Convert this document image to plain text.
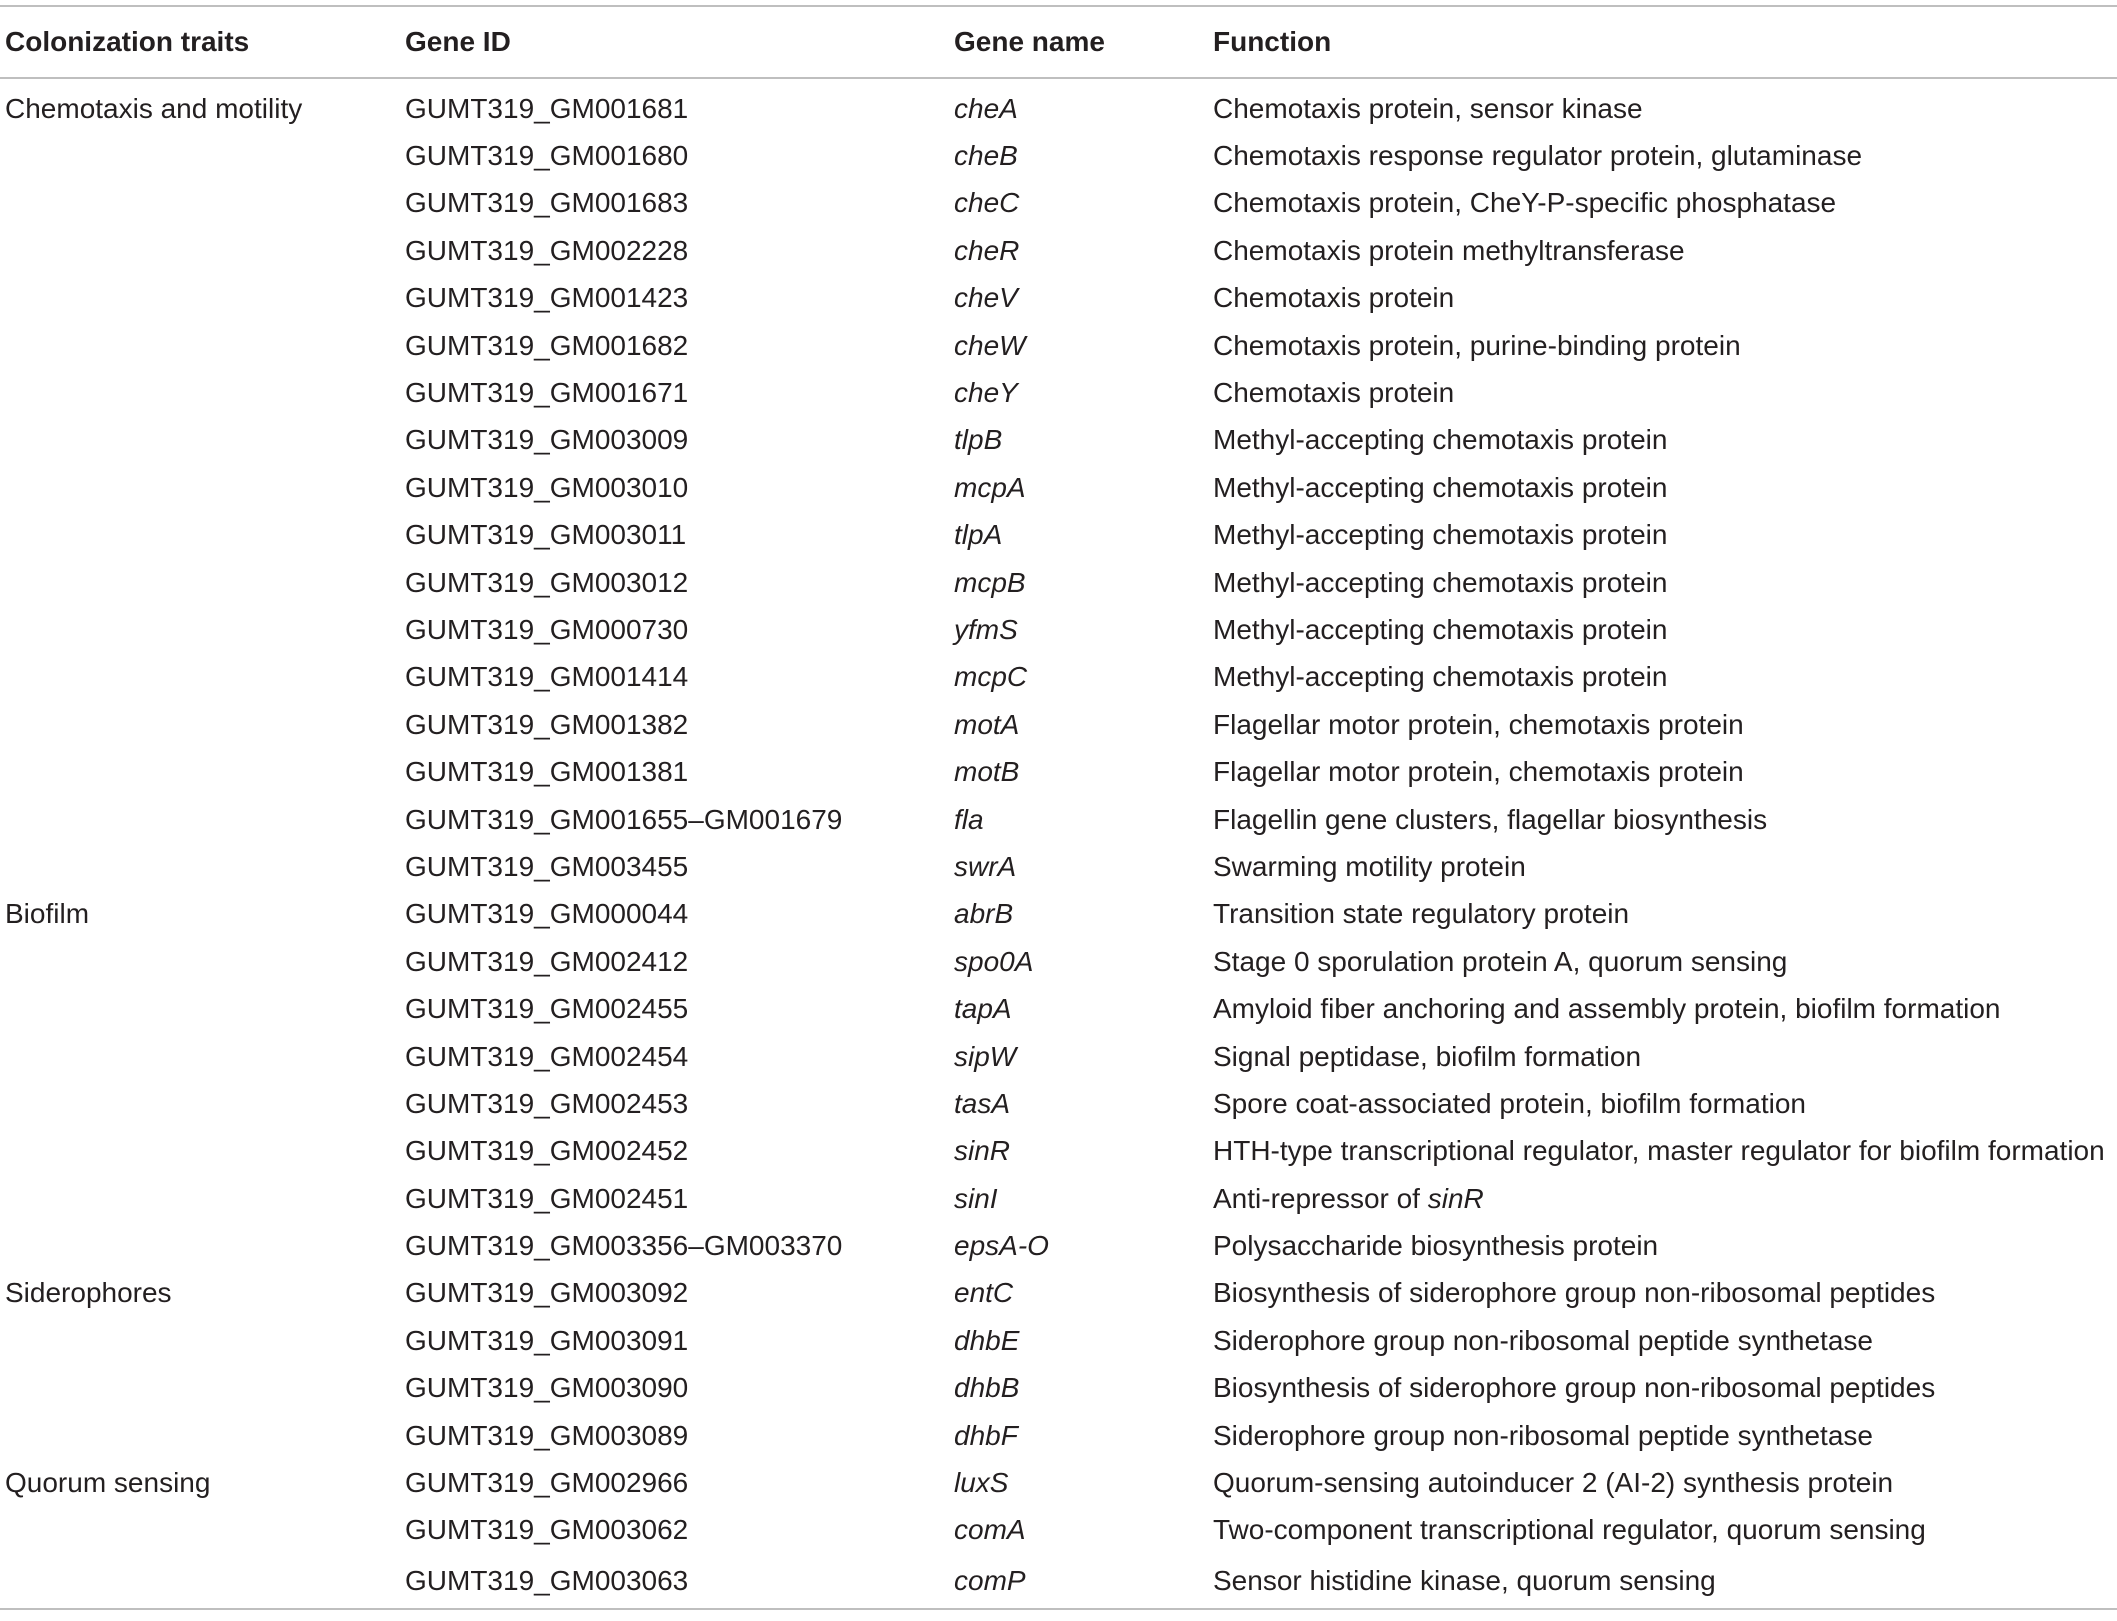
Colonization traits	Gene ID	Gene name	Function
Chemotaxis and motility	GUMT319_GM001681	cheA	Chemotaxis protein, sensor kinase
	GUMT319_GM001680	cheB	Chemotaxis response regulator protein, glutaminase
	GUMT319_GM001683	cheC	Chemotaxis protein, CheY-P-specific phosphatase
	GUMT319_GM002228	cheR	Chemotaxis protein methyltransferase
	GUMT319_GM001423	cheV	Chemotaxis protein
	GUMT319_GM001682	cheW	Chemotaxis protein, purine-binding protein
	GUMT319_GM001671	cheY	Chemotaxis protein
	GUMT319_GM003009	tlpB	Methyl-accepting chemotaxis protein
	GUMT319_GM003010	mcpA	Methyl-accepting chemotaxis protein
	GUMT319_GM003011	tlpA	Methyl-accepting chemotaxis protein
	GUMT319_GM003012	mcpB	Methyl-accepting chemotaxis protein
	GUMT319_GM000730	yfmS	Methyl-accepting chemotaxis protein
	GUMT319_GM001414	mcpC	Methyl-accepting chemotaxis protein
	GUMT319_GM001382	motA	Flagellar motor protein, chemotaxis protein
	GUMT319_GM001381	motB	Flagellar motor protein, chemotaxis protein
	GUMT319_GM001655–GM001679	fla	Flagellin gene clusters, flagellar biosynthesis
	GUMT319_GM003455	swrA	Swarming motility protein
Biofilm	GUMT319_GM000044	abrB	Transition state regulatory protein
	GUMT319_GM002412	spo0A	Stage 0 sporulation protein A, quorum sensing
	GUMT319_GM002455	tapA	Amyloid fiber anchoring and assembly protein, biofilm formation
	GUMT319_GM002454	sipW	Signal peptidase, biofilm formation
	GUMT319_GM002453	tasA	Spore coat-associated protein, biofilm formation
	GUMT319_GM002452	sinR	HTH-type transcriptional regulator, master regulator for biofilm formation
	GUMT319_GM002451	sinI	Anti-repressor of sinR
	GUMT319_GM003356–GM003370	epsA-O	Polysaccharide biosynthesis protein
Siderophores	GUMT319_GM003092	entC	Biosynthesis of siderophore group non-ribosomal peptides
	GUMT319_GM003091	dhbE	Siderophore group non-ribosomal peptide synthetase
	GUMT319_GM003090	dhbB	Biosynthesis of siderophore group non-ribosomal peptides
	GUMT319_GM003089	dhbF	Siderophore group non-ribosomal peptide synthetase
Quorum sensing	GUMT319_GM002966	luxS	Quorum-sensing autoinducer 2 (AI-2) synthesis protein
	GUMT319_GM003062	comA	Two-component transcriptional regulator, quorum sensing
	GUMT319_GM003063	comP	Sensor histidine kinase, quorum sensing
